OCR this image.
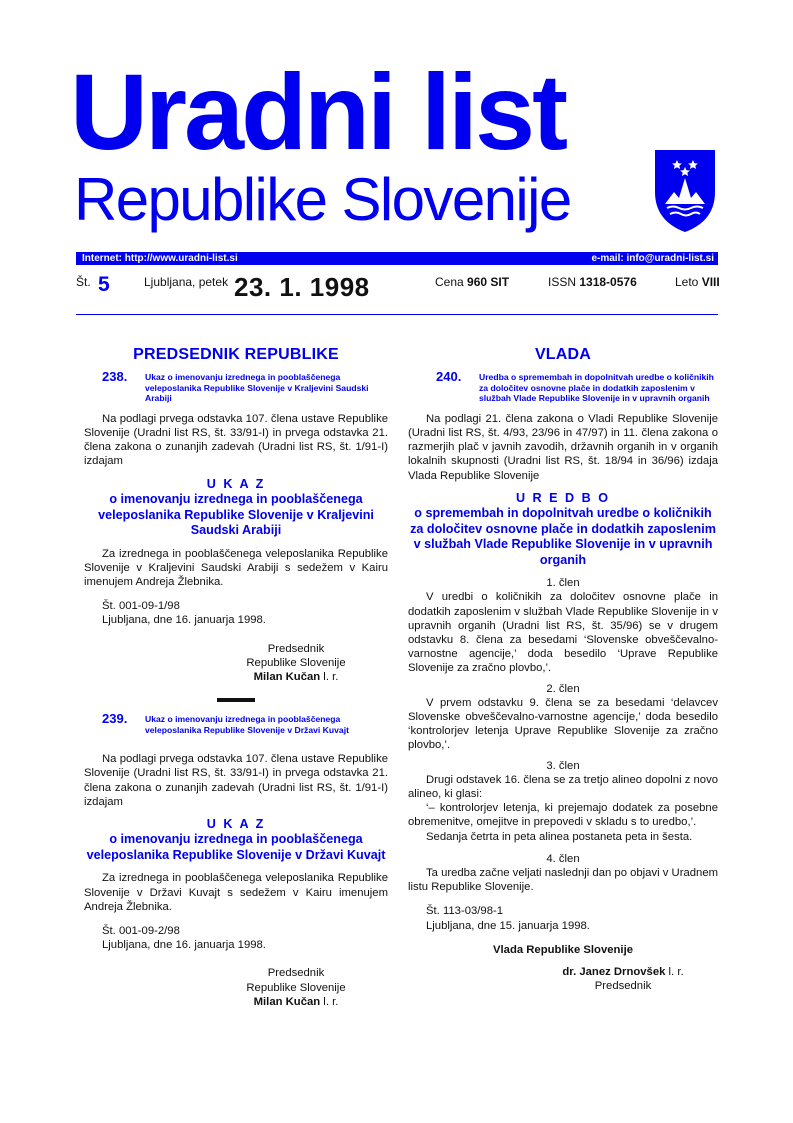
Uradni list
Republike Slovenije
Internet: http://www.uradni-list.si	e-mail: info@uradni-list.si
Št. 5	Ljubljana, petek 23. 1. 1998	Cena 960 SIT	ISSN 1318-0576	Leto VIII
PREDSEDNIK REPUBLIKE
238. Ukaz o imenovanju izrednega in pooblaščenega veleposlanika Republike Slovenije v Kraljevini Saudski Arabiji

Na podlagi prvega odstavka 107. člena ustave Republike Slovenije (Uradni list RS, št. 33/91-I) in prvega odstavka 21. člena zakona o zunanjih zadevah (Uradni list RS, št. 1/91-I) izdajam

U K A Z
o imenovanju izrednega in pooblaščenega veleposlanika Republike Slovenije v Kraljevini Saudski Arabiji

Za izrednega in pooblaščenega veleposlanika Republike Slovenije v Kraljevini Saudski Arabiji s sedežem v Kairu imenujem Andreja Žlebnika.

Št. 001-09-1/98
Ljubljana, dne 16. januarja 1998.
Predsednik
Republike Slovenije
Milan Kučan l. r.
239. Ukaz o imenovanju izrednega in pooblaščenega veleposlanika Republike Slovenije v Državi Kuvajt

Na podlagi prvega odstavka 107. člena ustave Republike Slovenije (Uradni list RS, št. 33/91-I) in prvega odstavka 21. člena zakona o zunanjih zadevah (Uradni list RS, št. 1/91-I) izdajam

U K A Z
o imenovanju izrednega in pooblaščenega veleposlanika Republike Slovenije v Državi Kuvajt

Za izrednega in pooblaščenega veleposlanika Republike Slovenije v Državi Kuvajt s sedežem v Kairu imenujem Andreja Žlebnika.

Št. 001-09-2/98
Ljubljana, dne 16. januarja 1998.
Predsednik
Republike Slovenije
Milan Kučan l. r.
VLADA
240.	Uredba o spremembah in dopolnitvah uredbe o količnikih za določitev osnovne plače in dodatkih zaposlenim v službah Vlade Republike Slovenije in v upravnih organih

Na podlagi 21. člena zakona o Vladi Republike Slovenije (Uradni list RS, št. 4/93, 23/96 in 47/97) in 11. člena zakona o razmerjih plač v javnih zavodih, državnih organih in v organih lokalnih skupnosti (Uradni list RS, št. 18/94 in 36/96) izdaja Vlada Republike Slovenije

U R E D B O
o spremembah in dopolnitvah uredbe o količnikih za določitev osnovne plače in dodatkih zaposlenim v službah Vlade Republike Slovenije in v upravnih organih
1. člen

V uredbi o količnikih za določitev osnovne plače in dodatkih zaposlenim v službah Vlade Republike Slovenije in v upravnih organih (Uradni list RS, št. 35/96) se v drugem odstavku 8. člena za besedami ‘Slovenske obveščevalno-varnostne agencije,’ doda besedilo ‘Uprave Republike Slovenije za zračno plovbo,’.

2. člen

V prvem odstavku 9. člena se za besedami ‘delavcev Slovenske obveščevalno-varnostne agencije,’ doda besedilo ‘kontrolorjev letenja Uprave Republike Slovenije za zračno plovbo,’.

3. člen

Drugi odstavek 16. člena se za tretjo alineo dopolni z novo alineo, ki glasi:

‘– kontrolorjev letenja, ki prejemajo dodatek za posebne obremenitve, omejitve in prepovedi v skladu s to uredbo,’.

Sedanja četrta in peta alinea postaneta peta in šesta.

4. člen

Ta uredba začne veljati naslednji dan po objavi v Uradnem listu Republike Slovenije.

Št. 113-03/98-1
Ljubljana, dne 15. januarja 1998.
Vlada Republike Slovenije
dr. Janez Drnovšek l. r.
Predsednik
